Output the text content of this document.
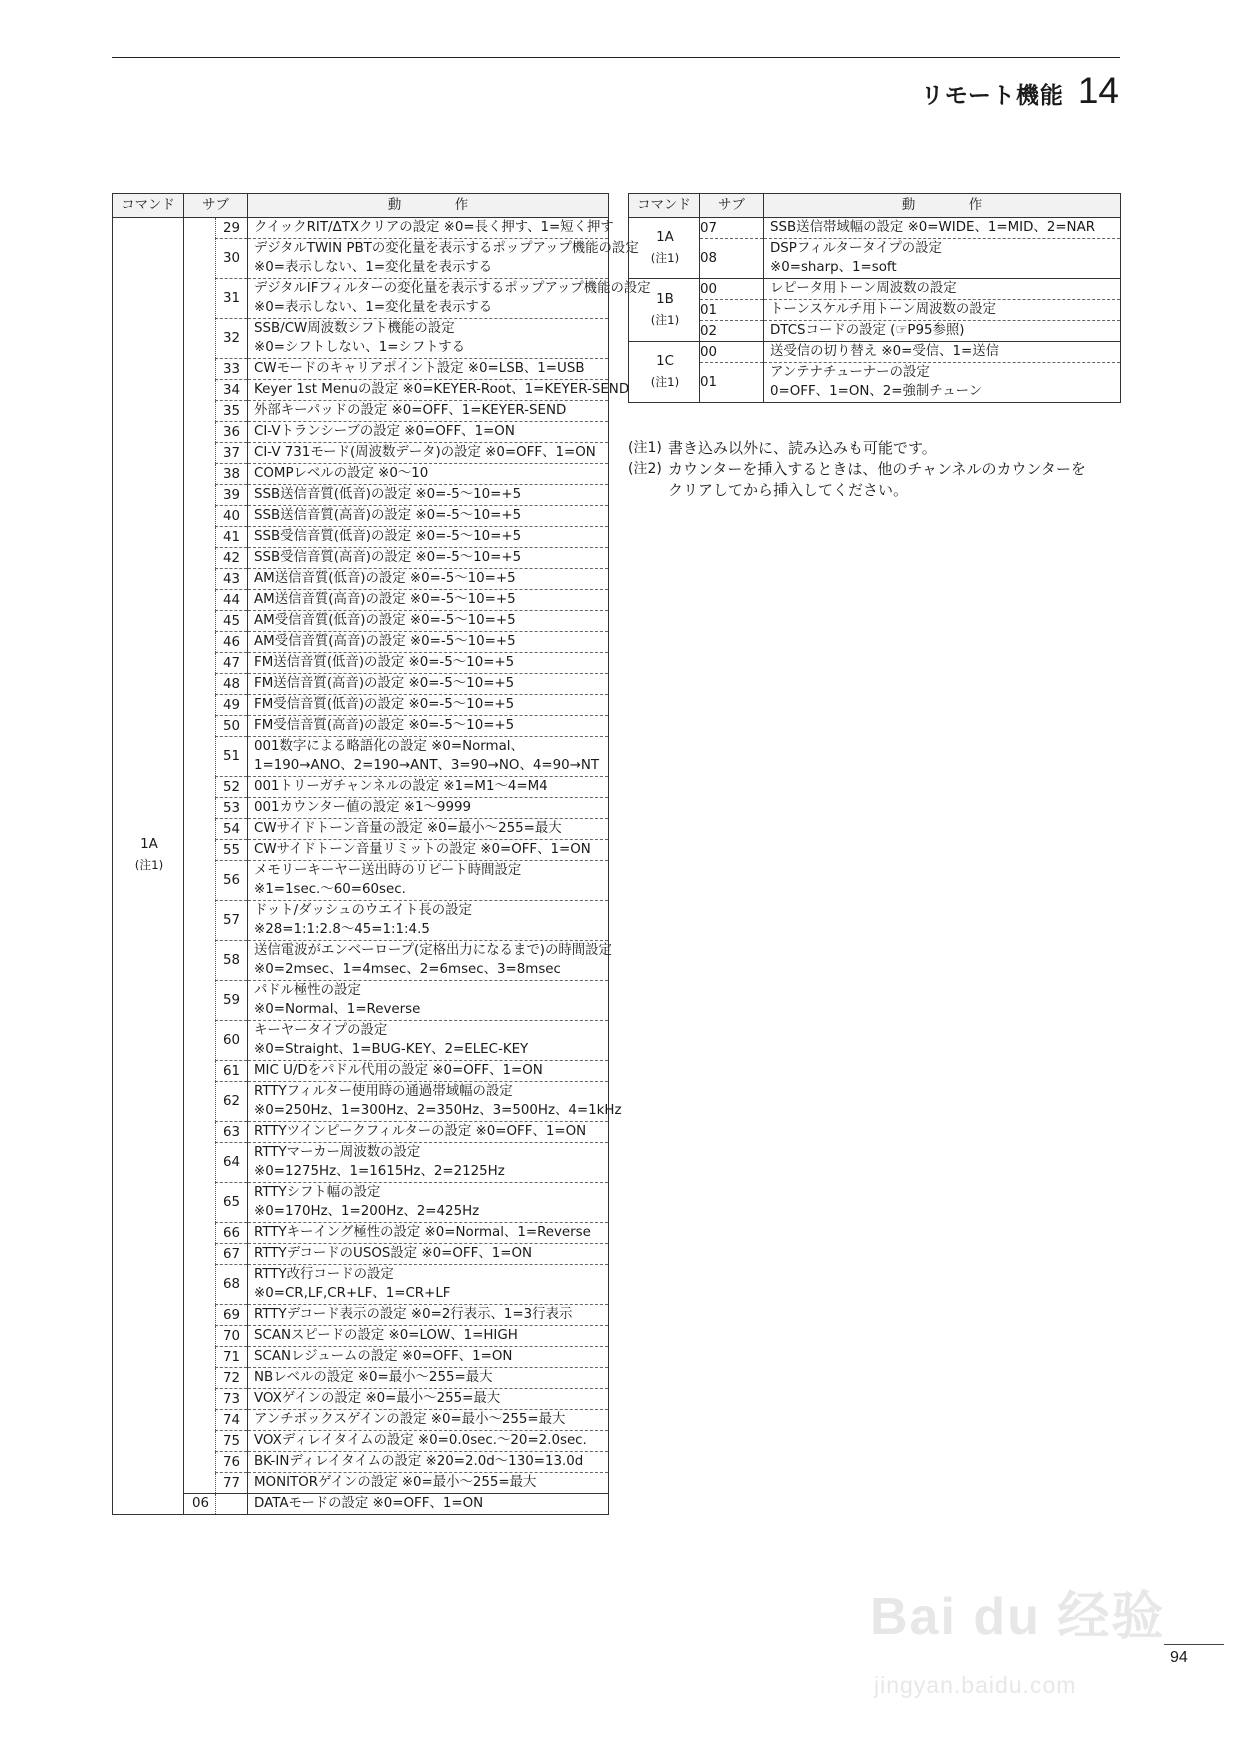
リモート機能 14
コマンド	サブ		動　　　　作

1A
(注1)		29	クイックRIT/ΔTXクリアの設定 ※0=長く押す、1=短く押す

		30	デジタルTWIN PBTの変化量を表示するポップアップ機能の設定
※0=表示しない、1=変化量を表示する

		31	デジタルIFフィルターの変化量を表示するポップアップ機能の設定
※0=表示しない、1=変化量を表示する

		32	SSB/CW周波数シフト機能の設定
※0=シフトしない、1=シフトする

		33	CWモードのキャリアポイント設定 ※0=LSB、1=USB

		34	Keyer 1st Menuの設定 ※0=KEYER-Root、1=KEYER-SEND

		35	外部キーパッドの設定 ※0=OFF、1=KEYER-SEND

		36	CI-Vトランシーブの設定 ※0=OFF、1=ON

		37	CI-V 731モード(周波数データ)の設定 ※0=OFF、1=ON

		38	COMPレベルの設定 ※0～10

		39	SSB送信音質(低音)の設定 ※0=-5～10=+5

		40	SSB送信音質(高音)の設定 ※0=-5～10=+5

		41	SSB受信音質(低音)の設定 ※0=-5～10=+5

		42	SSB受信音質(高音)の設定 ※0=-5～10=+5

		43	AM送信音質(低音)の設定 ※0=-5～10=+5

		44	AM送信音質(高音)の設定 ※0=-5～10=+5

		45	AM受信音質(低音)の設定 ※0=-5～10=+5

		46	AM受信音質(高音)の設定 ※0=-5～10=+5

		47	FM送信音質(低音)の設定 ※0=-5～10=+5

		48	FM送信音質(高音)の設定 ※0=-5～10=+5

		49	FM受信音質(低音)の設定 ※0=-5～10=+5

		50	FM受信音質(高音)の設定 ※0=-5～10=+5

		51	001数字による略語化の設定 ※0=Normal、
1=190→ANO、2=190→ANT、3=90→NO、4=90→NT

		52	001トリーガチャンネルの設定 ※1=M1～4=M4

		53	001カウンター値の設定 ※1～9999

		54	CWサイドトーン音量の設定 ※0=最小～255=最大

		55	CWサイドトーン音量リミットの設定 ※0=OFF、1=ON

		56	メモリーキーヤー送出時のリピート時間設定
※1=1sec.～60=60sec.

		57	ドット/ダッシュのウエイト長の設定
※28=1:1:2.8～45=1:1:4.5

		58	送信電波がエンベーロープ(定格出力になるまで)の時間設定
※0=2msec、1=4msec、2=6msec、3=8msec

		59	パドル極性の設定
※0=Normal、1=Reverse

		60	キーヤータイプの設定
※0=Straight、1=BUG-KEY、2=ELEC-KEY

		61	MIC U/Dをパドル代用の設定 ※0=OFF、1=ON

		62	RTTYフィルター使用時の通過帯域幅の設定
※0=250Hz、1=300Hz、2=350Hz、3=500Hz、4=1kHz

		63	RTTYツインピークフィルターの設定 ※0=OFF、1=ON

		64	RTTYマーカー周波数の設定
※0=1275Hz、1=1615Hz、2=2125Hz

		65	RTTYシフト幅の設定
※0=170Hz、1=200Hz、2=425Hz

		66	RTTYキーイング極性の設定 ※0=Normal、1=Reverse

		67	RTTYデコードのUSOS設定 ※0=OFF、1=ON

		68	RTTY改行コードの設定
※0=CR,LF,CR+LF、1=CR+LF

		69	RTTYデコード表示の設定 ※0=2行表示、1=3行表示

		70	SCANスピードの設定 ※0=LOW、1=HIGH

		71	SCANレジュームの設定 ※0=OFF、1=ON

		72	NBレベルの設定 ※0=最小～255=最大

		73	VOXゲインの設定 ※0=最小～255=最大

		74	アンチボックスゲインの設定 ※0=最小～255=最大

		75	VOXディレイタイムの設定 ※0=0.0sec.～20=2.0sec.

		76	BK-INディレイタイムの設定 ※20=2.0d～130=13.0d

		77	MONITORゲインの設定 ※0=最小～255=最大

	06		DATAモードの設定 ※0=OFF、1=ON
コマンド	サブ	動　　　　作

1A
(注1)	07	SSB送信帯域幅の設定 ※0=WIDE、1=MID、2=NAR

	08	DSPフィルタータイプの設定
※0=sharp、1=soft

1B
(注1)	00	レピータ用トーン周波数の設定

	01	トーンスケルチ用トーン周波数の設定

	02	DTCSコードの設定 (☞P95参照)

1C
(注1)	00	送受信の切り替え ※0=受信、1=送信

	01	アンテナチューナーの設定
0=OFF、1=ON、2=強制チューン
(注1) 書き込み以外に、読み込みも可能です。
(注2) カウンターを挿入するときは、他のチャンネルのカウンターを
クリアしてから挿入してください。
94
Bai du 经验
jingyan.baidu.com
